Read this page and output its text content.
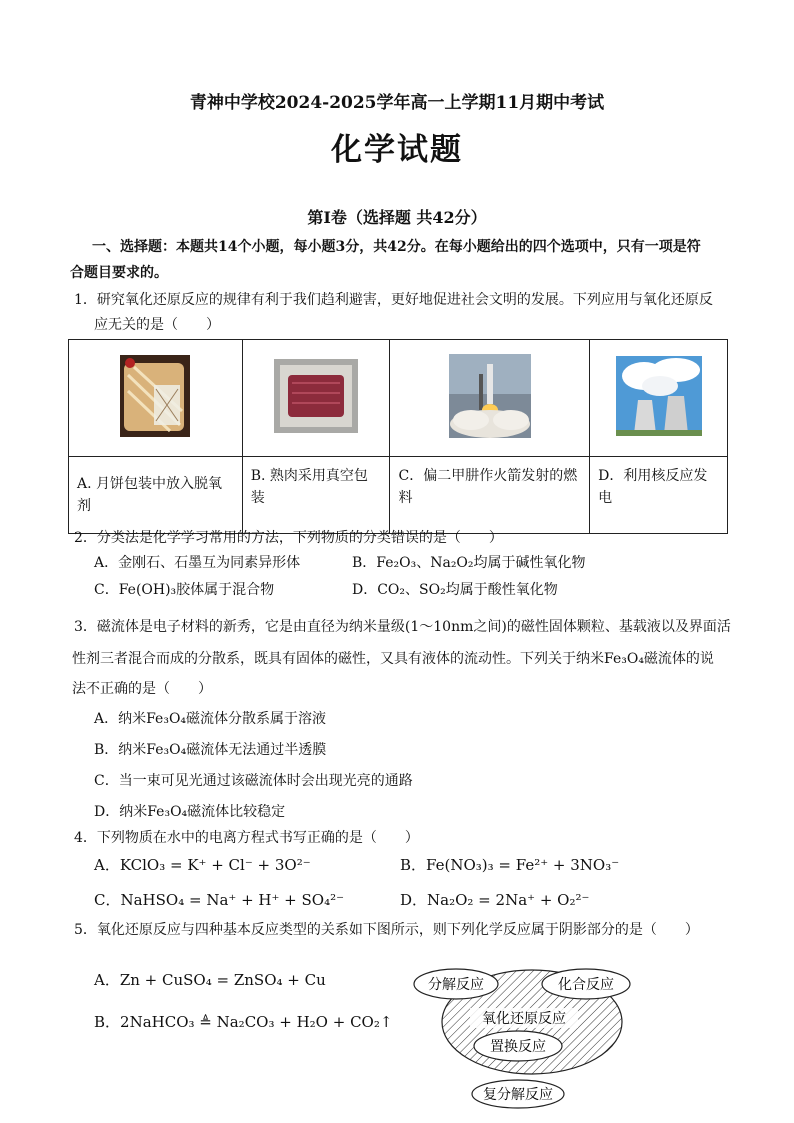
青神中学校2024-2025学年高一上学期11月期中考试
化学试题
第Ⅰ卷（选择题 共42分）
一、选择题：本题共14个小题，每小题3分，共42分。在每小题给出的四个选项中，只有一项是符
合题目要求的。
1．研究氧化还原反应的规律有利于我们趋利避害，更好地促进社会文明的发展。下列应用与氧化还原反
应无关的是（　　）

A. 月饼包装中放入脱氧剂	B. 熟肉采用真空包装	C．偏二甲肼作火箭发射的燃
料	D．利用核反应发电
2．分类法是化学学习常用的方法，下列物质的分类错误的是（　　）
A．金刚石、石墨互为同素异形体	B．Fe₂O₃、Na₂O₂均属于碱性氧化物
C．Fe(OH)₃胶体属于混合物	D．CO₂、SO₂均属于酸性氧化物
3．磁流体是电子材料的新秀，它是由直径为纳米量级(1～10nm之间)的磁性固体颗粒、基载液以及界面活
性剂三者混合而成的分散系，既具有固体的磁性，又具有液体的流动性。下列关于纳米Fe₃O₄磁流体的说
法不正确的是（　　）
A．纳米Fe₃O₄磁流体分散系属于溶液
B．纳米Fe₃O₄磁流体无法通过半透膜
C．当一束可见光通过该磁流体时会出现光亮的通路
D．纳米Fe₃O₄磁流体比较稳定
4．下列物质在水中的电离方程式书写正确的是（　　）
A．KClO₃ = K⁺ + Cl⁻ + 3O²⁻	B．Fe(NO₃)₃ = Fe²⁺ + 3NO₃⁻
C．NaHSO₄ = Na⁺ + H⁺ + SO₄²⁻	D．Na₂O₂ = 2Na⁺ + O₂²⁻
5．氧化还原反应与四种基本反应类型的关系如下图所示，则下列化学反应属于阴影部分的是（　　）
A．Zn + CuSO₄ = ZnSO₄ + Cu
B．2NaHCO₃ ≜ Na₂CO₃ + H₂O + CO₂↑
分解反应	化合反应
氧化还原反应
置换反应
复分解反应
